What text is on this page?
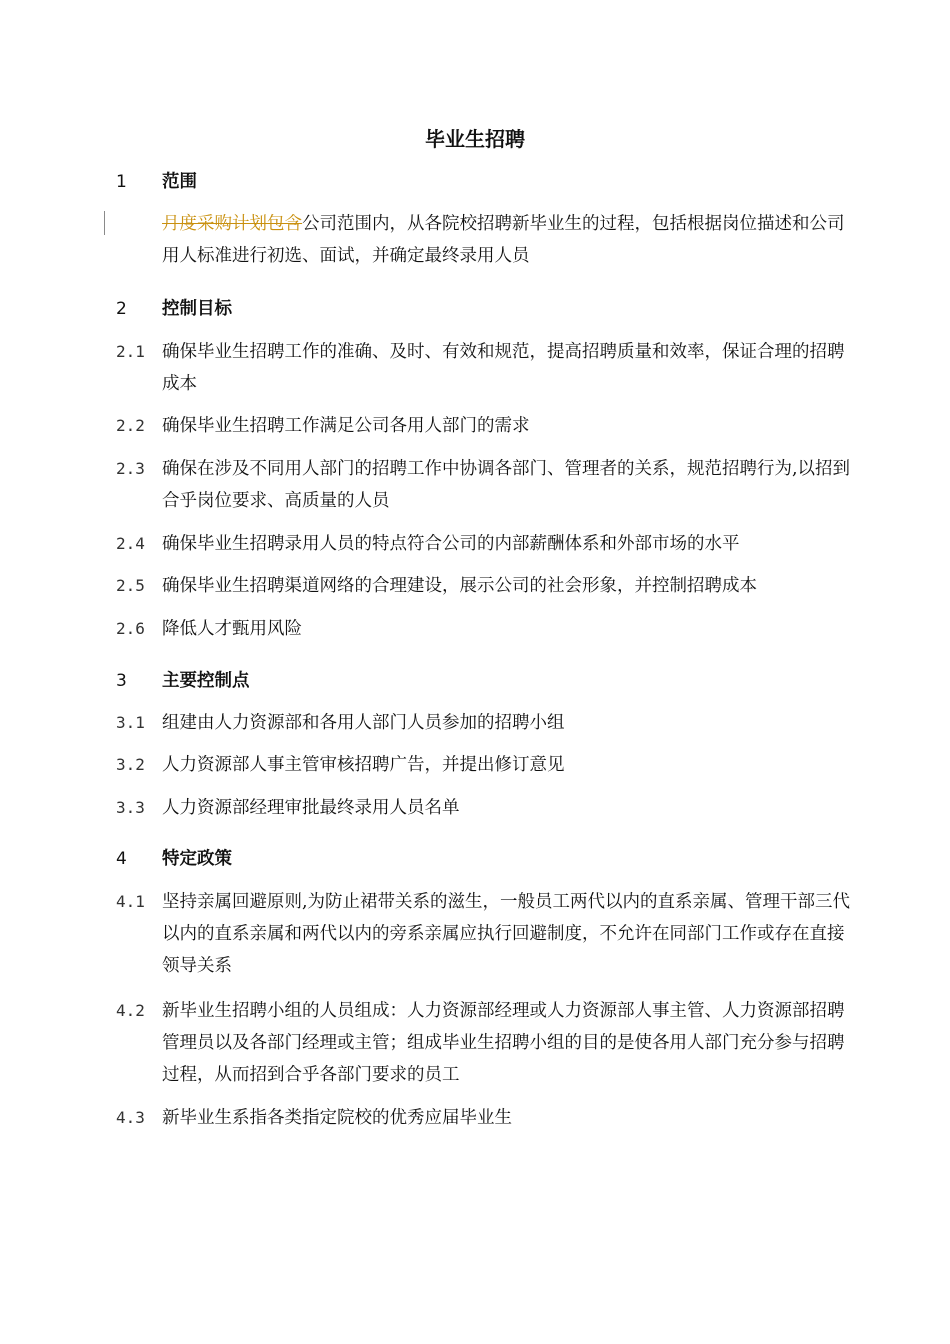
毕业生招聘
1	范围
月度采购计划包含公司范围内，从各院校招聘新毕业生的过程，包括根据岗位描述和公司用人标准进行初选、面试，并确定最终录用人员
2	控制目标
2.1 确保毕业生招聘工作的准确、及时、有效和规范，提高招聘质量和效率，保证合理的招聘成本
2.2 确保毕业生招聘工作满足公司各用人部门的需求
2.3 确保在涉及不同用人部门的招聘工作中协调各部门、管理者的关系，规范招聘行为,以招到合乎岗位要求、高质量的人员
2.4 确保毕业生招聘录用人员的特点符合公司的内部薪酬体系和外部市场的水平
2.5 确保毕业生招聘渠道网络的合理建设，展示公司的社会形象，并控制招聘成本
2.6 降低人才甄用风险
3	主要控制点
3.1 组建由人力资源部和各用人部门人员参加的招聘小组
3.2 人力资源部人事主管审核招聘广告，并提出修订意见
3.3 人力资源部经理审批最终录用人员名单
4	特定政策
4.1 坚持亲属回避原则,为防止裙带关系的滋生，一般员工两代以内的直系亲属、管理干部三代以内的直系亲属和两代以内的旁系亲属应执行回避制度，不允许在同部门工作或存在直接领导关系
4.2 新毕业生招聘小组的人员组成：人力资源部经理或人力资源部人事主管、人力资源部招聘管理员以及各部门经理或主管；组成毕业生招聘小组的目的是使各用人部门充分参与招聘过程，从而招到合乎各部门要求的员工
4.3 新毕业生系指各类指定院校的优秀应届毕业生
